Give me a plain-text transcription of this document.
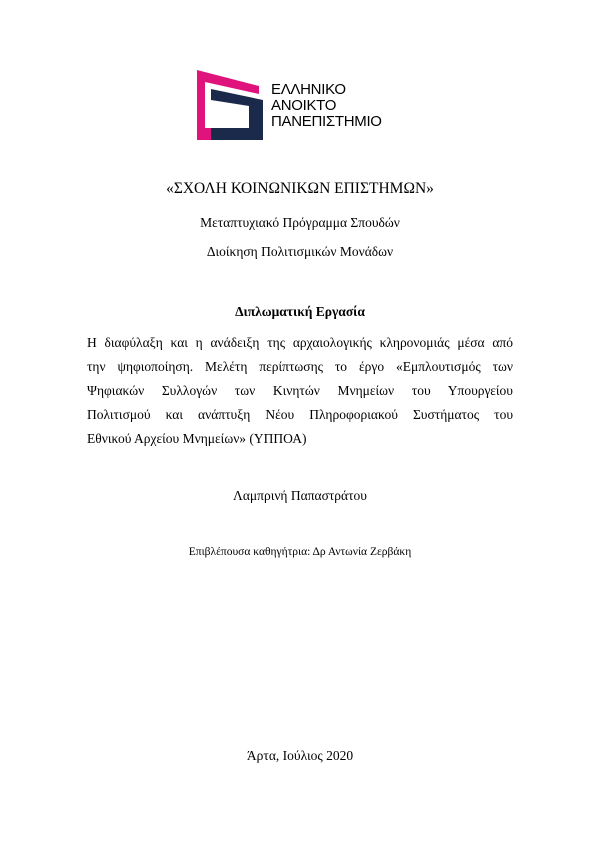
ΕΛΛΗΝΙΚΟ
ΑΝΟΙΚΤΟ
ΠΑΝΕΠΙΣΤΗΜΙΟ
«ΣΧΟΛΗ ΚΟΙΝΩΝΙΚΩΝ ΕΠΙΣΤΗΜΩΝ»
Μεταπτυχιακό Πρόγραμμα Σπουδών
Διοίκηση Πολιτισμικών Μονάδων
Διπλωματική Εργασία
Η διαφύλαξη και η ανάδειξη της αρχαιολογικής κληρονομιάς μέσα από
την ψηφιοποίηση. Μελέτη περίπτωσης το έργο «Εμπλουτισμός των
Ψηφιακών Συλλογών των Κινητών Μνημείων του Υπουργείου
Πολιτισμού και ανάπτυξη Νέου Πληροφοριακού Συστήματος του
Εθνικού Αρχείου Μνημείων» (ΥΠΠΟΑ)
Λαμπρινή Παπαστράτου
Επιβλέπουσα καθηγήτρια: Δρ Αντωνία Ζερβάκη
Άρτα, Ιούλιος 2020
